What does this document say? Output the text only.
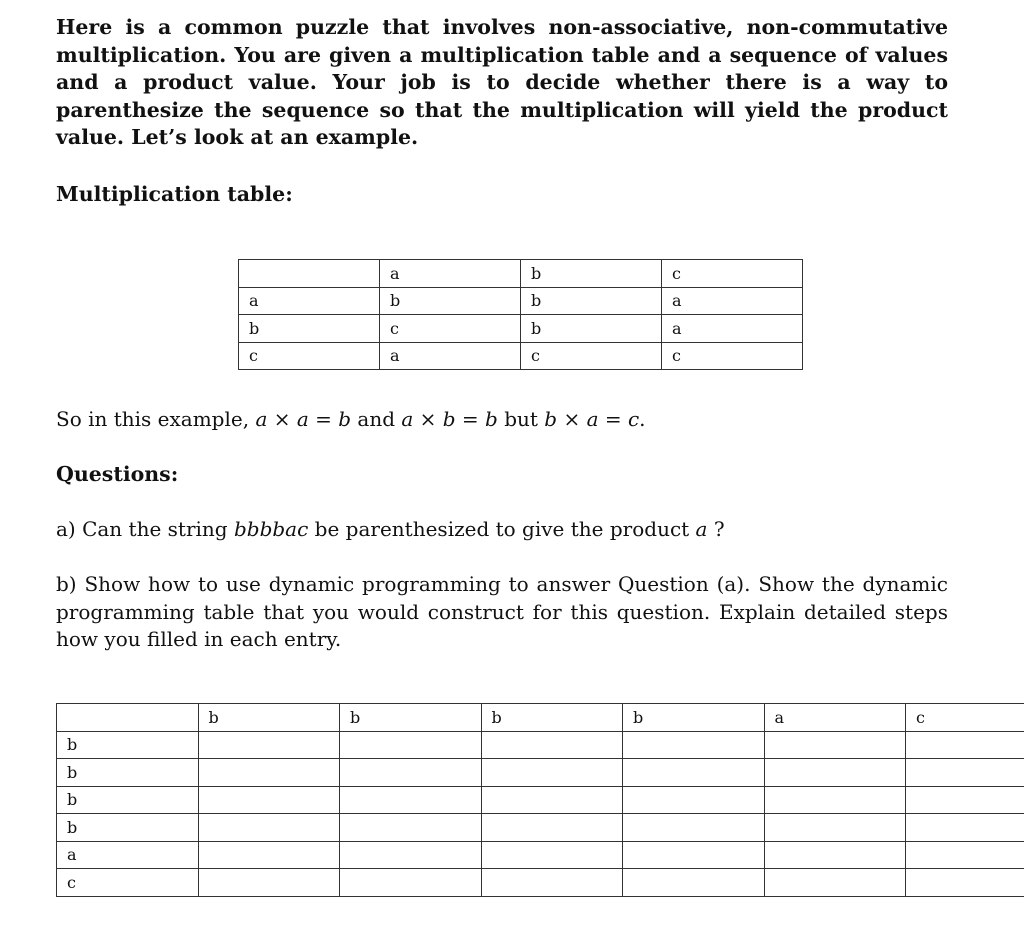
Here is a common puzzle that involves non-associative, non-commutative multiplication. You are given a multiplication table and a sequence of values and a product value. Your job is to decide whether there is a way to parenthesize the sequence so that the multiplication will yield the product value. Let’s look at an example.

Multiplication table:

	a	b	c
a	b	b	a
b	c	b	a
c	a	c	c

So in this example, a × a = b and a × b = b but b × a = c.

Questions:

a) Can the string bbbbac be parenthesized to give the product a ?

b) Show how to use dynamic programming to answer Question (a). Show the dynamic programming table that you would construct for this question. Explain detailed steps how you filled in each entry.

	b	b	b	b	a	c
b						
b						
b						
b						
a						
c						
